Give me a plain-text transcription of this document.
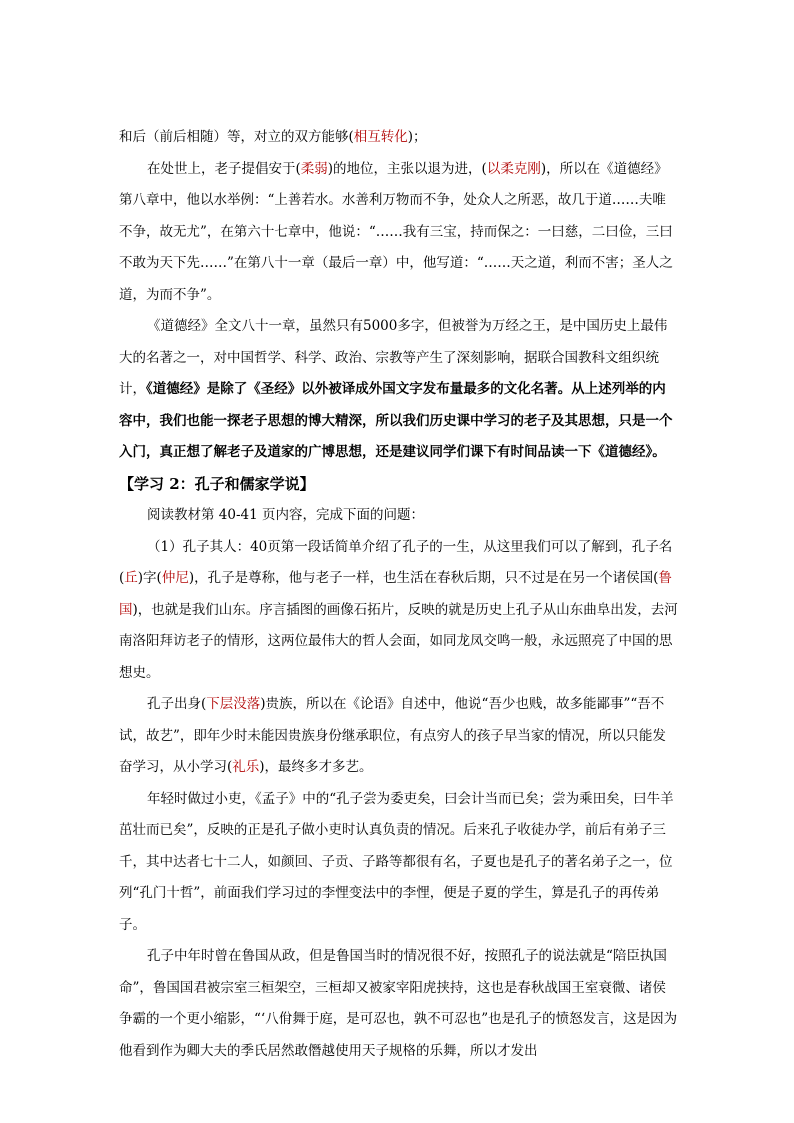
和后（前后相随）等，对立的双方能够(相互转化)；

在处世上，老子提倡安于(柔弱)的地位，主张以退为进，(以柔克刚)，所以在《道德经》第八章中，他以水举例：“上善若水。水善利万物而不争，处众人之所恶，故几于道……夫唯不争，故无尤”，在第六十七章中，他说：“……我有三宝，持而保之：一曰慈，二曰俭，三曰不敢为天下先……”在第八十一章（最后一章）中，他写道：“……天之道，利而不害；圣人之道，为而不争”。

《道德经》全文八十一章，虽然只有5000多字，但被誉为万经之王，是中国历史上最伟大的名著之一，对中国哲学、科学、政治、宗教等产生了深刻影响，据联合国教科文组织统计，《道德经》是除了《圣经》以外被译成外国文字发布量最多的文化名著。从上述列举的内容中，我们也能一探老子思想的博大精深，所以我们历史课中学习的老子及其思想，只是一个入门，真正想了解老子及道家的广博思想，还是建议同学们课下有时间品读一下《道德经》。

【学习 2：孔子和儒家学说】

阅读教材第 40-41 页内容，完成下面的问题：

（1）孔子其人：40页第一段话简单介绍了孔子的一生，从这里我们可以了解到，孔子名(丘)字(仲尼)，孔子是尊称，他与老子一样，也生活在春秋后期，只不过是在另一个诸侯国(鲁国)，也就是我们山东。序言插图的画像石拓片，反映的就是历史上孔子从山东曲阜出发，去河南洛阳拜访老子的情形，这两位最伟大的哲人会面，如同龙凤交鸣一般，永远照亮了中国的思想史。

孔子出身(下层没落)贵族，所以在《论语》自述中，他说“吾少也贱，故多能鄙事”“吾不试，故艺”，即年少时未能因贵族身份继承职位，有点穷人的孩子早当家的情况，所以只能发奋学习，从小学习(礼乐)，最终多才多艺。

年轻时做过小吏，《孟子》中的“孔子尝为委吏矣，曰会计当而已矣；尝为乘田矣，曰牛羊茁壮而已矣”，反映的正是孔子做小吏时认真负责的情况。后来孔子收徒办学，前后有弟子三千，其中达者七十二人，如颜回、子贡、子路等都很有名，子夏也是孔子的著名弟子之一，位列“孔门十哲”，前面我们学习过的李悝变法中的李悝，便是子夏的学生，算是孔子的再传弟子。

孔子中年时曾在鲁国从政，但是鲁国当时的情况很不好，按照孔子的说法就是“陪臣执国命”，鲁国国君被宗室三桓架空，三桓却又被家宰阳虎挟持，这也是春秋战国王室衰微、诸侯争霸的一个更小缩影，“‘八佾舞于庭，是可忍也，孰不可忍也”也是孔子的愤怒发言，这是因为他看到作为卿大夫的季氏居然敢僭越使用天子规格的乐舞，所以才发出
